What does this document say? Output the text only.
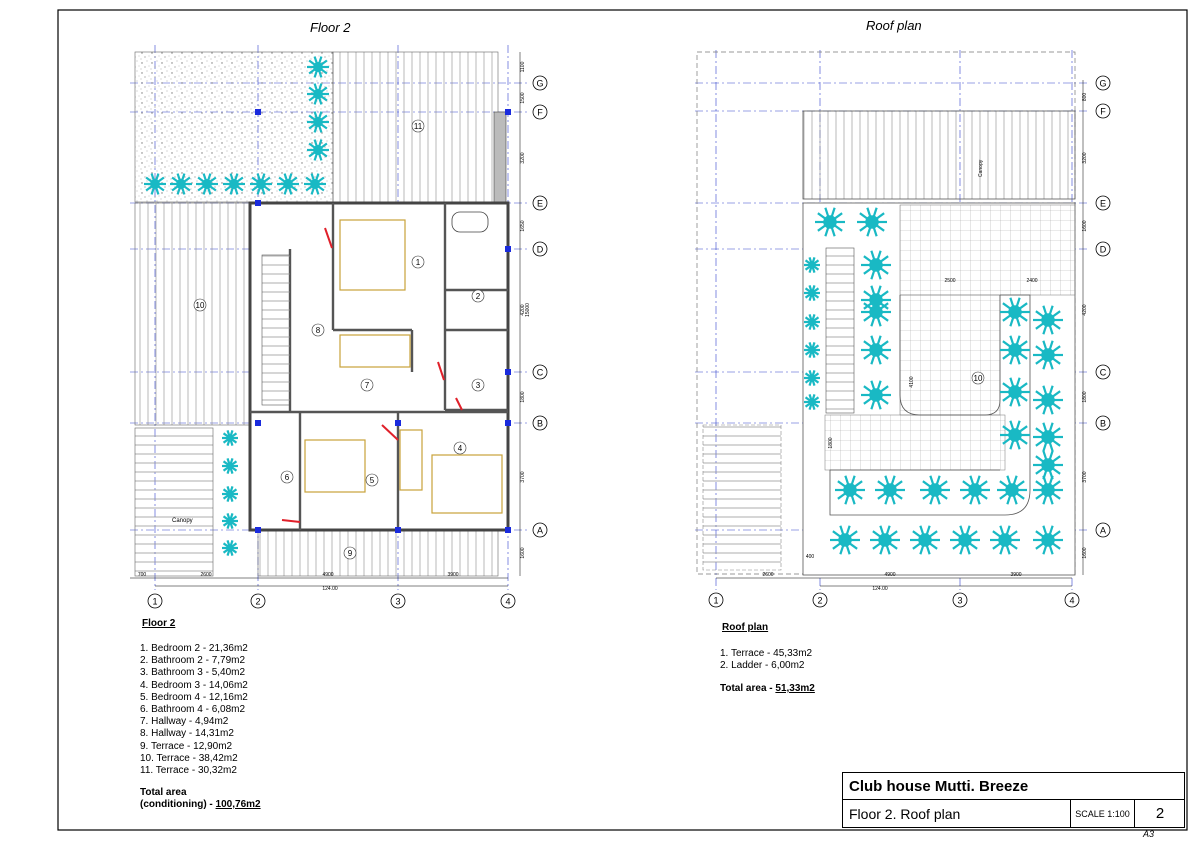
1
2
3
4
5
6
7
8
9
10
11
Canopy
700	2600	4900	3900
124.00
1100
1500
3200
1650
4200
1800
3700
1600
15000
1	2	3	4
G
F
E
D
C
B
A
Canopy
10
2600	4900	3900
124.00
2500	2400
4100
1800
400
800
3200
1600
4200
1800
3700
1600
1	2	3	4
G
F
E
D
C
B
A
Floor 2	Roof plan
Floor 2
1. Bedroom 2 - 21,36m2
2. Bathroom 2 - 7,79m2
3. Bathroom 3 - 5,40m2
4. Bedroom 3 - 14,06m2
5. Bedroom 4 - 12,16m2
6. Bathroom 4 - 6,08m2
7. Hallway - 4,94m2
8. Hallway - 14,31m2
9. Terrace - 12,90m2
10. Terrace - 38,42m2
11. Terrace - 30,32m2
Total area
(conditioning) - 100,76m2
Roof plan
1. Terrace - 45,33m2
2. Ladder - 6,00m2
Total area - 51,33m2
Club house Mutti. Breeze
Floor 2. Roof plan	SCALE 1:100	2
A3
